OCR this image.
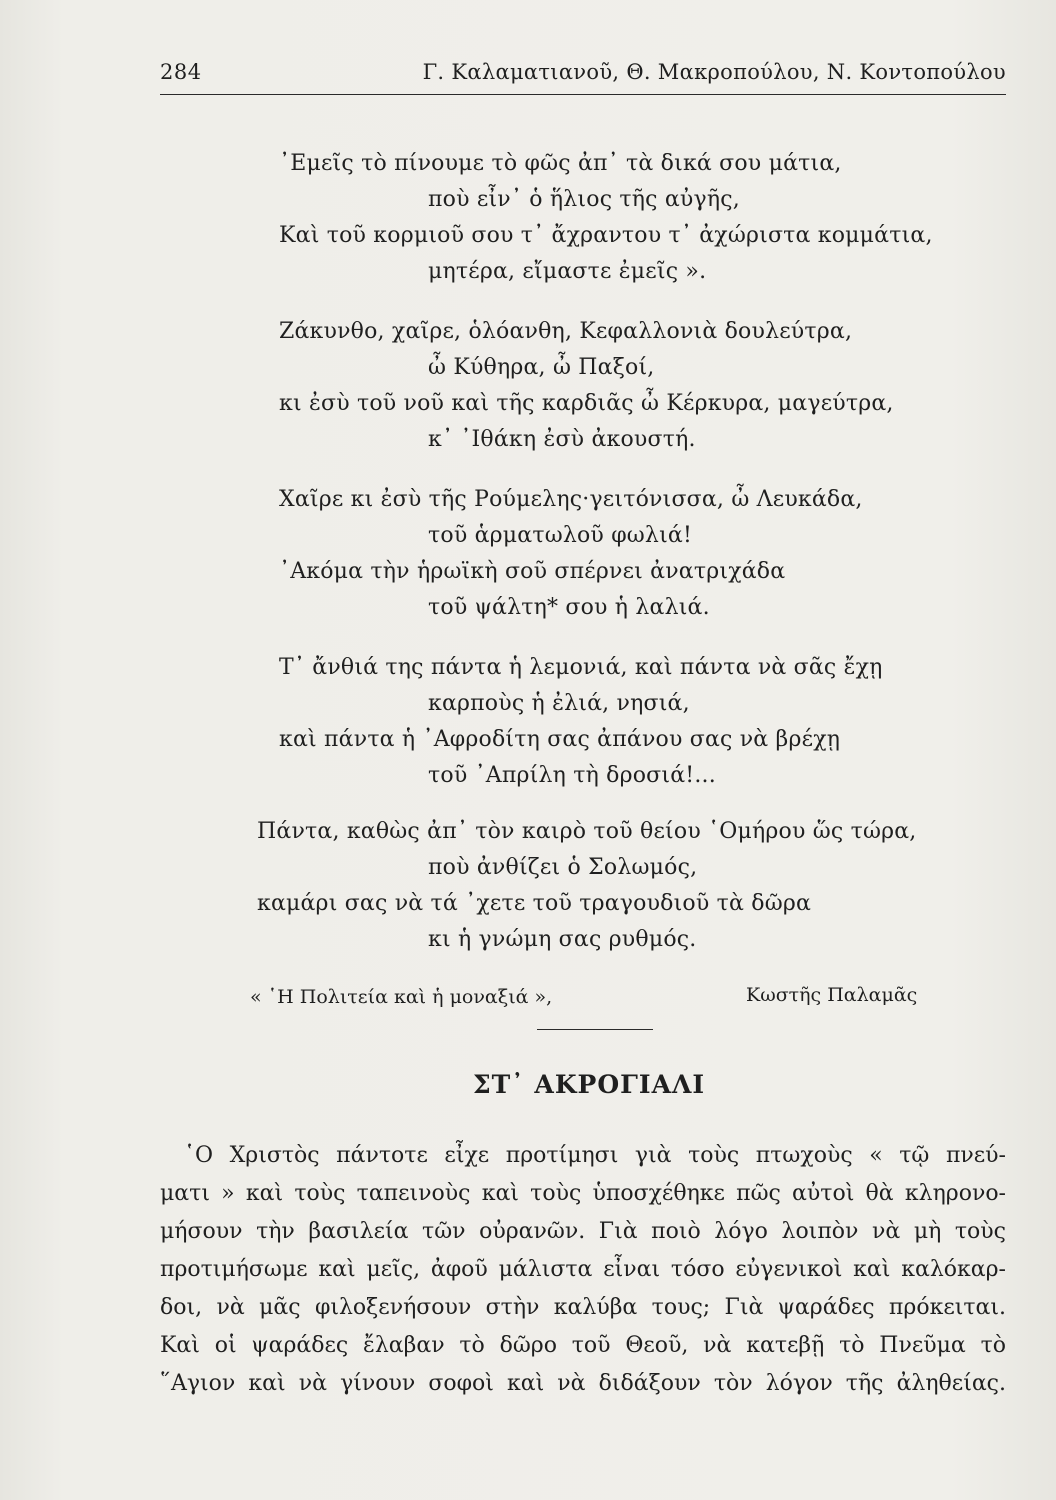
284	Γ. Καλαματιανοῦ, Θ. Μακροπούλου, Ν. Κοντοπούλου
᾿Εμεῖς τὸ πίνουμε τὸ φῶς ἀπ᾿ τὰ δικά σου μάτια,
ποὺ εἶν᾿ ὁ ἥλιος τῆς αὐγῆς,
Καὶ τοῦ κορμιοῦ σου τ᾿ ἄχραντου τ᾿ ἀχώριστα κομμάτια,
μητέρα, εἴμαστε ἐμεῖς ».
Ζάκυνθο, χαῖρε, ὁλόανθη, Κεφαλλονιὰ δουλεύτρα,
ὦ Κύθηρα, ὦ Παξοί,
κι ἐσὺ τοῦ νοῦ καὶ τῆς καρδιᾶς ὦ Κέρκυρα, μαγεύτρα,
κ᾿ ᾿Ιθάκη ἐσὺ ἀκουστή.
Χαῖρε κι ἐσὺ τῆς Ρούμελης·γειτόνισσα, ὦ Λευκάδα,
τοῦ ἁρματωλοῦ φωλιά!
᾿Ακόμα τὴν ἡρωϊκὴ σοῦ σπέρνει ἀνατριχάδα
τοῦ ψάλτη* σου ἡ λαλιά.
Τ᾿ ἄνθιά της πάντα ἡ λεμονιά, καὶ πάντα νὰ σᾶς ἔχῃ
καρποὺς ἡ ἐλιά, νησιά,
καὶ πάντα ἡ ᾿Αφροδίτη σας ἀπάνου σας νὰ βρέχῃ
τοῦ ᾿Απρίλη τὴ δροσιά!...
Πάντα, καθὼς ἀπ᾿ τὸν καιρὸ τοῦ θείου ῾Ομήρου ὥς τώρα,
ποὺ ἀνθίζει ὁ Σολωμός,
καμάρι σας νὰ τά ᾿χετε τοῦ τραγουδιοῦ τὰ δῶρα
κι ἡ γνώμη σας ρυθμός.
« ῾Η Πολιτεία καὶ ἡ μοναξιά »,	Κωστῆς Παλαμᾶς
ΣΤ᾿ ΑΚΡΟΓΙΑΛΙ
῾Ο Χριστὸς πάντοτε εἶχε προτίμησι γιὰ τοὺς πτωχοὺς « τῷ πνεύ-
ματι » καὶ τοὺς ταπεινοὺς καὶ τοὺς ὑποσχέθηκε πῶς αὐτοὶ θὰ κληρονο-
μήσουν τὴν βασιλεία τῶν οὐρανῶν. Γιὰ ποιὸ λόγο λοιπὸν νὰ μὴ τοὺς
προτιμήσωμε καὶ μεῖς, ἀφοῦ μάλιστα εἶναι τόσο εὐγενικοὶ καὶ καλόκαρ-
δοι, νὰ μᾶς φιλοξενήσουν στὴν καλύβα τους; Γιὰ ψαράδες πρόκειται.
Καὶ οἱ ψαράδες ἔλαβαν τὸ δῶρο τοῦ Θεοῦ, νὰ κατεβῇ τὸ Πνεῦμα τὸ
῞Αγιον καὶ νὰ γίνουν σοφοὶ καὶ νὰ διδάξουν τὸν λόγον τῆς ἀληθείας.
